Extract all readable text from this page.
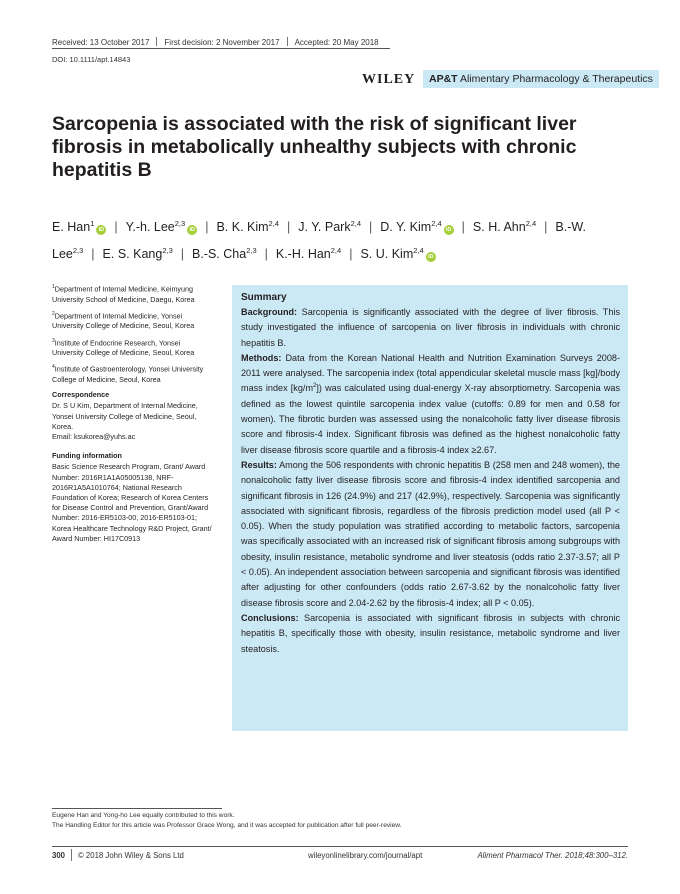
Received: 13 October 2017 First decision: 2 November 2017 Accepted: 20 May 2018
DOI: 10.1111/apt.14843
WILEY	AP&T Alimentary Pharmacology & Therapeutics
Sarcopenia is associated with the risk of significant liver fibrosis in metabolically unhealthy subjects with chronic hepatitis B
E. Han$^1$iD | Y.-h. Lee$^{2,3}$iD | B. K. Kim$^{2,4}$ | J. Y. Park$^{2,4}$ | D. Y. Kim$^{2,4}$iD | S. H. Ahn$^{2,4}$ | B.-W. Lee$^{2,3}$ | E. S. Kang$^{2,3}$ | B.-S. Cha$^{2,3}$ | K.-H. Han$^{2,4}$ | S. U. Kim$^{2,4}$iD

$^1$Department of Internal Medicine, Keimyung University School of Medicine, Daegu, Korea

$^2$Department of Internal Medicine, Yonsei University College of Medicine, Seoul, Korea

$^3$Institute of Endocrine Research, Yonsei University College of Medicine, Seoul, Korea

$^4$Institute of Gastroenterology, Yonsei University College of Medicine, Seoul, Korea

Correspondence

Dr. S U Kim, Department of Internal Medicine, Yonsei University College of Medicine, Seoul, Korea.

Email: ksukorea@yuhs.ac

Funding information

Basic Science Research Program, Grant/ Award Number: 2016R1A1A05005138, NRF-2016R1A5A1010764; National Research Foundation of Korea; Research of Korea Centers for Disease Control and Prevention, Grant/Award Number: 2016-ER5103-00, 2016-ER5103-01; Korea Healthcare Technology R&D Project, Grant/ Award Number: HI17C0913

Summary

Background: Sarcopenia is significantly associated with the degree of liver fibrosis. This study investigated the influence of sarcopenia on liver fibrosis in individuals with chronic hepatitis B.

Methods: Data from the Korean National Health and Nutrition Examination Surveys 2008-2011 were analysed. The sarcopenia index (total appendicular skeletal muscle mass [kg]/body mass index $[kg/m^2]$) was calculated using dual-energy X-ray absorptiometry. Sarcopenia was defined as the lowest quintile sarcopenia index value (cutoffs: 0.89 for men and 0.58 for women). The fibrotic burden was assessed using the nonalcoholic fatty liver disease fibrosis score and fibrosis-4 index. Significant fibrosis was defined as the highest nonalcoholic fatty liver disease fibrosis score quartile and a fibrosis-4 index ≥2.67.

Results: Among the 506 respondents with chronic hepatitis B (258 men and 248 women), the nonalcoholic fatty liver disease fibrosis score and fibrosis-4 index identified sarcopenia and significant fibrosis in 126 (24.9%) and 217 (42.9%), respectively. Sarcopenia was significantly associated with significant fibrosis, regardless of the fibrosis prediction model used (all P < 0.05). When the study population was stratified according to metabolic factors, sarcopenia was specifically associated with an increased risk of significant fibrosis among subgroups with obesity, insulin resistance, metabolic syndrome and liver steatosis (odds ratio 2.37-3.57; all P < 0.05). An independent association between sarcopenia and significant fibrosis was identified after adjusting for other confounders (odds ratio 2.67-3.62 by the nonalcoholic fatty liver disease fibrosis score and 2.04-2.62 by the fibrosis-4 index; all P < 0.05).

Conclusions: Sarcopenia is associated with significant fibrosis in subjects with chronic hepatitis B, specifically those with obesity, insulin resistance, metabolic syndrome and liver steatosis.

Eugene Han and Yong-ho Lee equally contributed to this work.

The Handling Editor for this article was Professor Grace Wong, and it was accepted for publication after full peer-review.

300 © 2018 John Wiley & Sons Ltd	wileyonlinelibrary.com/journal/apt	Aliment Pharmacol Ther. 2018;48:300–312.
